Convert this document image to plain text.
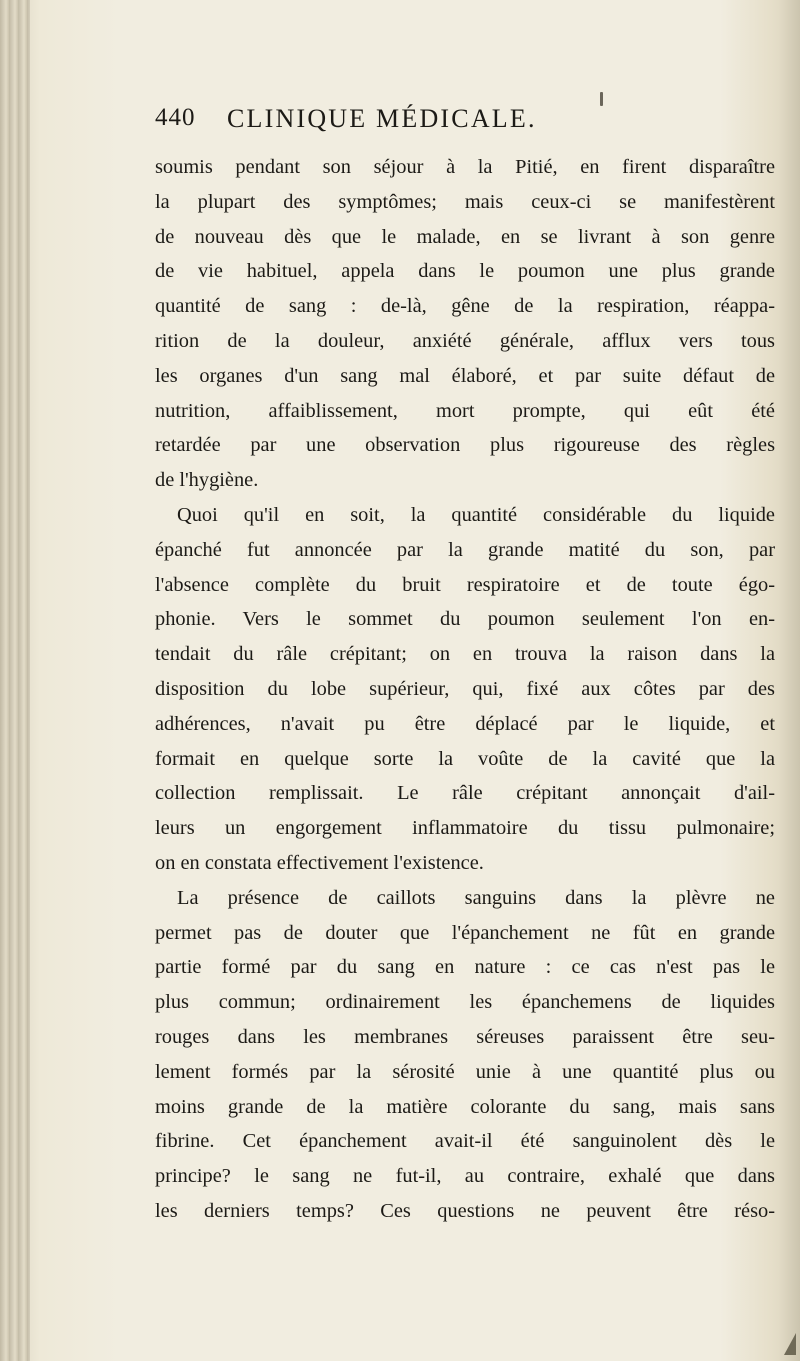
440 CLINIQUE MÉDICALE.
soumis pendant son séjour à la Pitié, en firent disparaître
la plupart des symptômes; mais ceux-ci se manifestèrent
de nouveau dès que le malade, en se livrant à son genre
de vie habituel, appela dans le poumon une plus grande
quantité de sang : de-là, gêne de la respiration, réappa-
rition de la douleur, anxiété générale, afflux vers tous
les organes d'un sang mal élaboré, et par suite défaut de
nutrition, affaiblissement, mort prompte, qui eût été
retardée par une observation plus rigoureuse des règles
de l'hygiène.
Quoi qu'il en soit, la quantité considérable du liquide
épanché fut annoncée par la grande matité du son, par
l'absence complète du bruit respiratoire et de toute égo-
phonie. Vers le sommet du poumon seulement l'on en-
tendait du râle crépitant; on en trouva la raison dans la
disposition du lobe supérieur, qui, fixé aux côtes par des
adhérences, n'avait pu être déplacé par le liquide, et
formait en quelque sorte la voûte de la cavité que la
collection remplissait. Le râle crépitant annonçait d'ail-
leurs un engorgement inflammatoire du tissu pulmonaire;
on en constata effectivement l'existence.
La présence de caillots sanguins dans la plèvre ne
permet pas de douter que l'épanchement ne fût en grande
partie formé par du sang en nature : ce cas n'est pas le
plus commun; ordinairement les épanchemens de liquides
rouges dans les membranes séreuses paraissent être seu-
lement formés par la sérosité unie à une quantité plus ou
moins grande de la matière colorante du sang, mais sans
fibrine. Cet épanchement avait-il été sanguinolent dès le
principe? le sang ne fut-il, au contraire, exhalé que dans
les derniers temps? Ces questions ne peuvent être réso-
